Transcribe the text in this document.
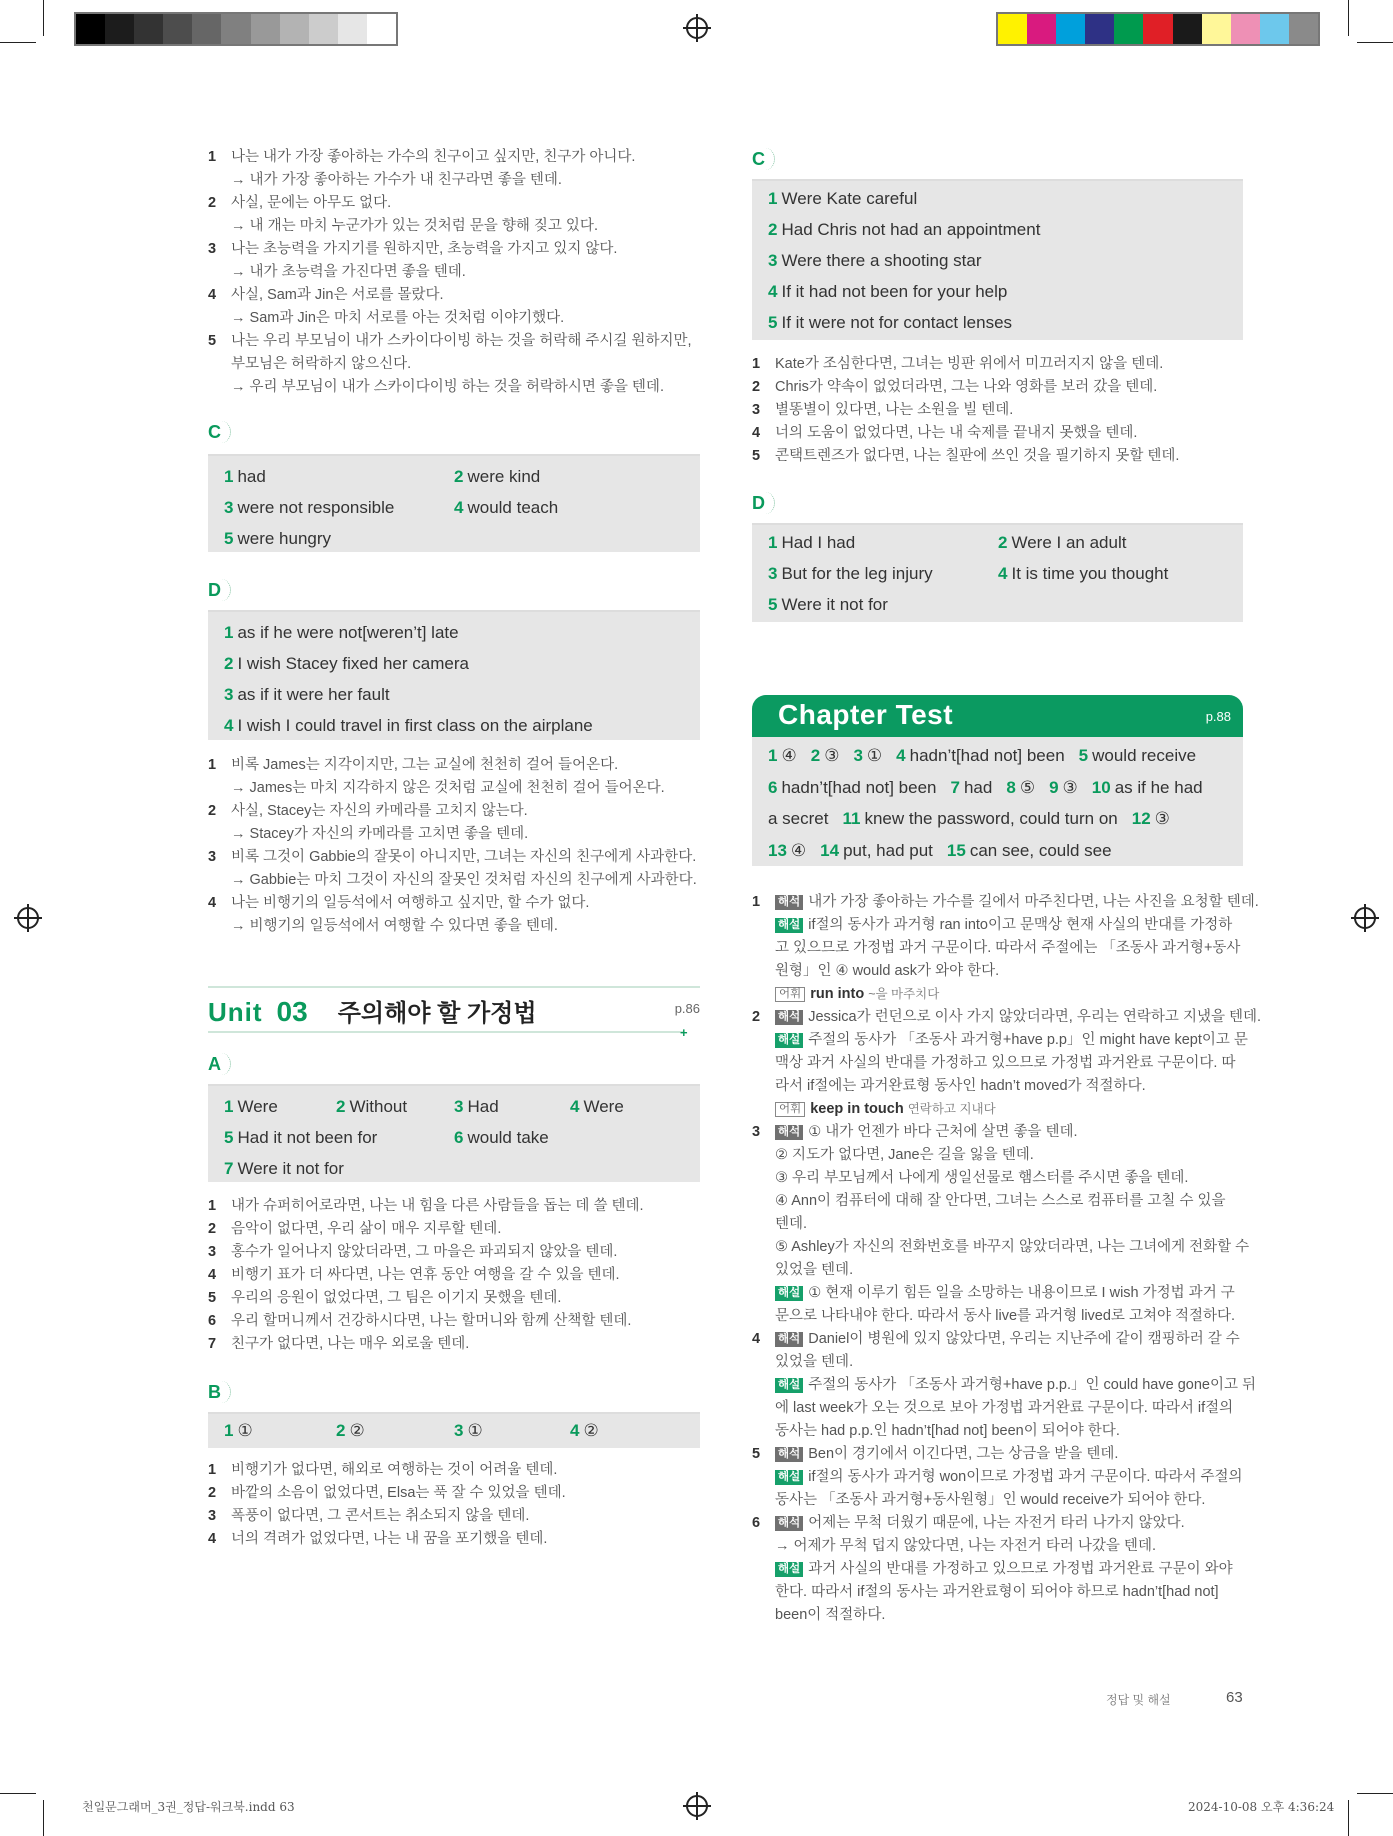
1 나는 내가 가장 좋아하는 가수의 친구이고 싶지만, 친구가 아니다.
→ 내가 가장 좋아하는 가수가 내 친구라면 좋을 텐데.
2 사실, 문에는 아무도 없다.
→ 내 개는 마치 누군가가 있는 것처럼 문을 향해 짖고 있다.
3 나는 초능력을 가지기를 원하지만, 초능력을 가지고 있지 않다.
→ 내가 초능력을 가진다면 좋을 텐데.
4 사실, Sam과 Jin은 서로를 몰랐다.
→ Sam과 Jin은 마치 서로를 아는 것처럼 이야기했다.
5 나는 우리 부모님이 내가 스카이다이빙 하는 것을 허락해 주시길 원하지만,
부모님은 허락하지 않으신다.
→ 우리 부모님이 내가 스카이다이빙 하는 것을 허락하시면 좋을 텐데.
C
1 had	2 were kind
3 were not responsible	4 would teach
5 were hungry
D
1 as if he were not[weren’t] late
2 I wish Stacey fixed her camera
3 as if it were her fault
4 I wish I could travel in first class on the airplane
1 비록 James는 지각이지만, 그는 교실에 천천히 걸어 들어온다.
→ James는 마치 지각하지 않은 것처럼 교실에 천천히 걸어 들어온다.
2 사실, Stacey는 자신의 카메라를 고치지 않는다.
→ Stacey가 자신의 카메라를 고치면 좋을 텐데.
3 비록 그것이 Gabbie의 잘못이 아니지만, 그녀는 자신의 친구에게 사과한다.
→ Gabbie는 마치 그것이 자신의 잘못인 것처럼 자신의 친구에게 사과한다.
4 나는 비행기의 일등석에서 여행하고 싶지만, 할 수가 없다.
→ 비행기의 일등석에서 여행할 수 있다면 좋을 텐데.
Unit 03 주의해야 할 가정법	p.86
+
A
1 Were	2 Without	3 Had	4 Were
5 Had it not been for	6 would take
7 Were it not for
1 내가 슈퍼히어로라면, 나는 내 힘을 다른 사람들을 돕는 데 쓸 텐데.
2 음악이 없다면, 우리 삶이 매우 지루할 텐데.
3 홍수가 일어나지 않았더라면, 그 마을은 파괴되지 않았을 텐데.
4 비행기 표가 더 싸다면, 나는 연휴 동안 여행을 갈 수 있을 텐데.
5 우리의 응원이 없었다면, 그 팀은 이기지 못했을 텐데.
6 우리 할머니께서 건강하시다면, 나는 할머니와 함께 산책할 텐데.
7 친구가 없다면, 나는 매우 외로울 텐데.
B
1 ①	2 ②	3 ①	4 ②
1 비행기가 없다면, 해외로 여행하는 것이 어려울 텐데.
2 바깥의 소음이 없었다면, Elsa는 푹 잘 수 있었을 텐데.
3 폭풍이 없다면, 그 콘서트는 취소되지 않을 텐데.
4 너의 격려가 없었다면, 나는 내 꿈을 포기했을 텐데.
C
1 Were Kate careful
2 Had Chris not had an appointment
3 Were there a shooting star
4 If it had not been for your help
5 If it were not for contact lenses
1 Kate가 조심한다면, 그녀는 빙판 위에서 미끄러지지 않을 텐데.
2 Chris가 약속이 없었더라면, 그는 나와 영화를 보러 갔을 텐데.
3 별똥별이 있다면, 나는 소원을 빌 텐데.
4 너의 도움이 없었다면, 나는 내 숙제를 끝내지 못했을 텐데.
5 콘택트렌즈가 없다면, 나는 칠판에 쓰인 것을 필기하지 못할 텐데.
D
1 Had I had	2 Were I an adult
3 But for the leg injury	4 It is time you thought
5 Were it not for
Chapter Test	p.88
1 ④ 2 ③ 3 ① 4 hadn’t[had not] been 5 would receive
6 hadn’t[had not] been 7 had 8 ⑤ 9 ③ 10 as if he had
a secret 11 knew the password, could turn on 12 ③
13 ④ 14 put, had put 15 can see, could see
1 해석 내가 가장 좋아하는 가수를 길에서 마주친다면, 나는 사진을 요청할 텐데.
해설 if절의 동사가 과거형 ran into이고 문맥상 현재 사실의 반대를 가정하
고 있으므로 가정법 과거 구문이다. 따라서 주절에는 「조동사 과거형+동사
원형」인 ④ would ask가 와야 한다.
어휘 run into ~을 마주치다
2 해석 Jessica가 런던으로 이사 가지 않았더라면, 우리는 연락하고 지냈을 텐데.
해설 주절의 동사가 「조동사 과거형+have p.p」인 might have kept이고 문
맥상 과거 사실의 반대를 가정하고 있으므로 가정법 과거완료 구문이다. 따
라서 if절에는 과거완료형 동사인 hadn’t moved가 적절하다.
어휘 keep in touch 연락하고 지내다
3 해석 ① 내가 언젠가 바다 근처에 살면 좋을 텐데.
② 지도가 없다면, Jane은 길을 잃을 텐데.
③ 우리 부모님께서 나에게 생일선물로 햄스터를 주시면 좋을 텐데.
④ Ann이 컴퓨터에 대해 잘 안다면, 그녀는 스스로 컴퓨터를 고칠 수 있을
텐데.
⑤ Ashley가 자신의 전화번호를 바꾸지 않았더라면, 나는 그녀에게 전화할 수
있었을 텐데.
해설 ① 현재 이루기 힘든 일을 소망하는 내용이므로 I wish 가정법 과거 구
문으로 나타내야 한다. 따라서 동사 live를 과거형 lived로 고쳐야 적절하다.
4 해석 Daniel이 병원에 있지 않았다면, 우리는 지난주에 같이 캠핑하러 갈 수
있었을 텐데.
해설 주절의 동사가 「조동사 과거형+have p.p.」인 could have gone이고 뒤
에 last week가 오는 것으로 보아 가정법 과거완료 구문이다. 따라서 if절의
동사는 had p.p.인 hadn’t[had not] been이 되어야 한다.
5 해석 Ben이 경기에서 이긴다면, 그는 상금을 받을 텐데.
해설 if절의 동사가 과거형 won이므로 가정법 과거 구문이다. 따라서 주절의
동사는 「조동사 과거형+동사원형」인 would receive가 되어야 한다.
6 해석 어제는 무척 더웠기 때문에, 나는 자전거 타러 나가지 않았다.
→ 어제가 무척 덥지 않았다면, 나는 자전거 타러 나갔을 텐데.
해설 과거 사실의 반대를 가정하고 있으므로 가정법 과거완료 구문이 와야
한다. 따라서 if절의 동사는 과거완료형이 되어야 하므로 hadn’t[had not]
been이 적절하다.
정답 및 해설	63
천일문그래머_3권_정답-워크북.indd 63	2024-10-08 오후 4:36:24
